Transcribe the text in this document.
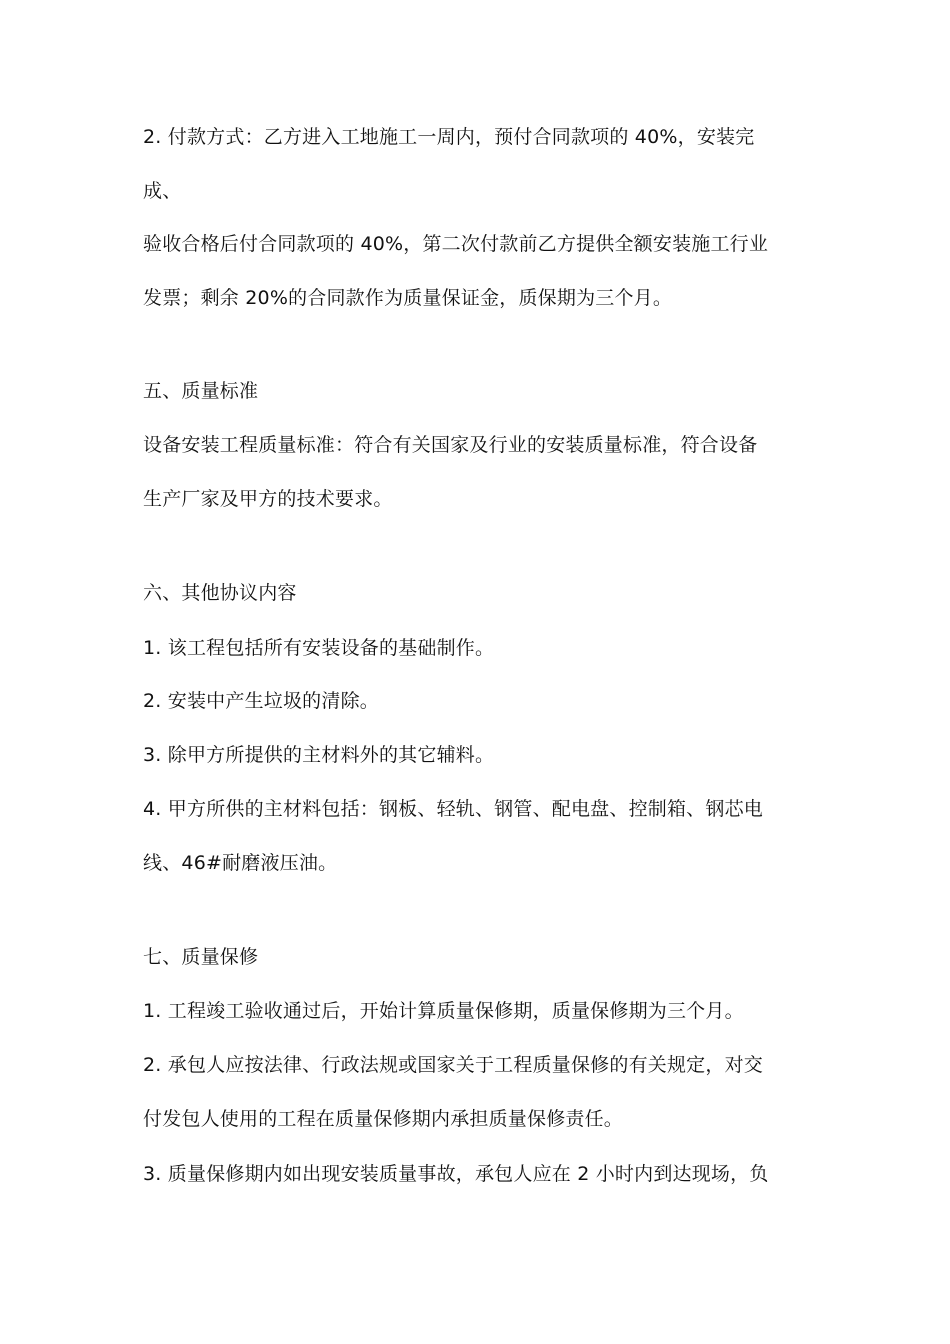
2. 付款方式：乙方进入工地施工一周内，预付合同款项的 40%，安装完
成、
验收合格后付合同款项的 40%，第二次付款前乙方提供全额安装施工行业
发票；剩余 20%的合同款作为质量保证金，质保期为三个月。
五、质量标准
设备安装工程质量标准：符合有关国家及行业的安装质量标准，符合设备
生产厂家及甲方的技术要求。
六、其他协议内容
1. 该工程包括所有安装设备的基础制作。
2. 安装中产生垃圾的清除。
3. 除甲方所提供的主材料外的其它辅料。
4. 甲方所供的主材料包括：钢板、轻轨、钢管、配电盘、控制箱、钢芯电
线、46#耐磨液压油。
七、质量保修
1. 工程竣工验收通过后，开始计算质量保修期，质量保修期为三个月。
2. 承包人应按法律、行政法规或国家关于工程质量保修的有关规定，对交
付发包人使用的工程在质量保修期内承担质量保修责任。
3. 质量保修期内如出现安装质量事故，承包人应在 2 小时内到达现场，负
